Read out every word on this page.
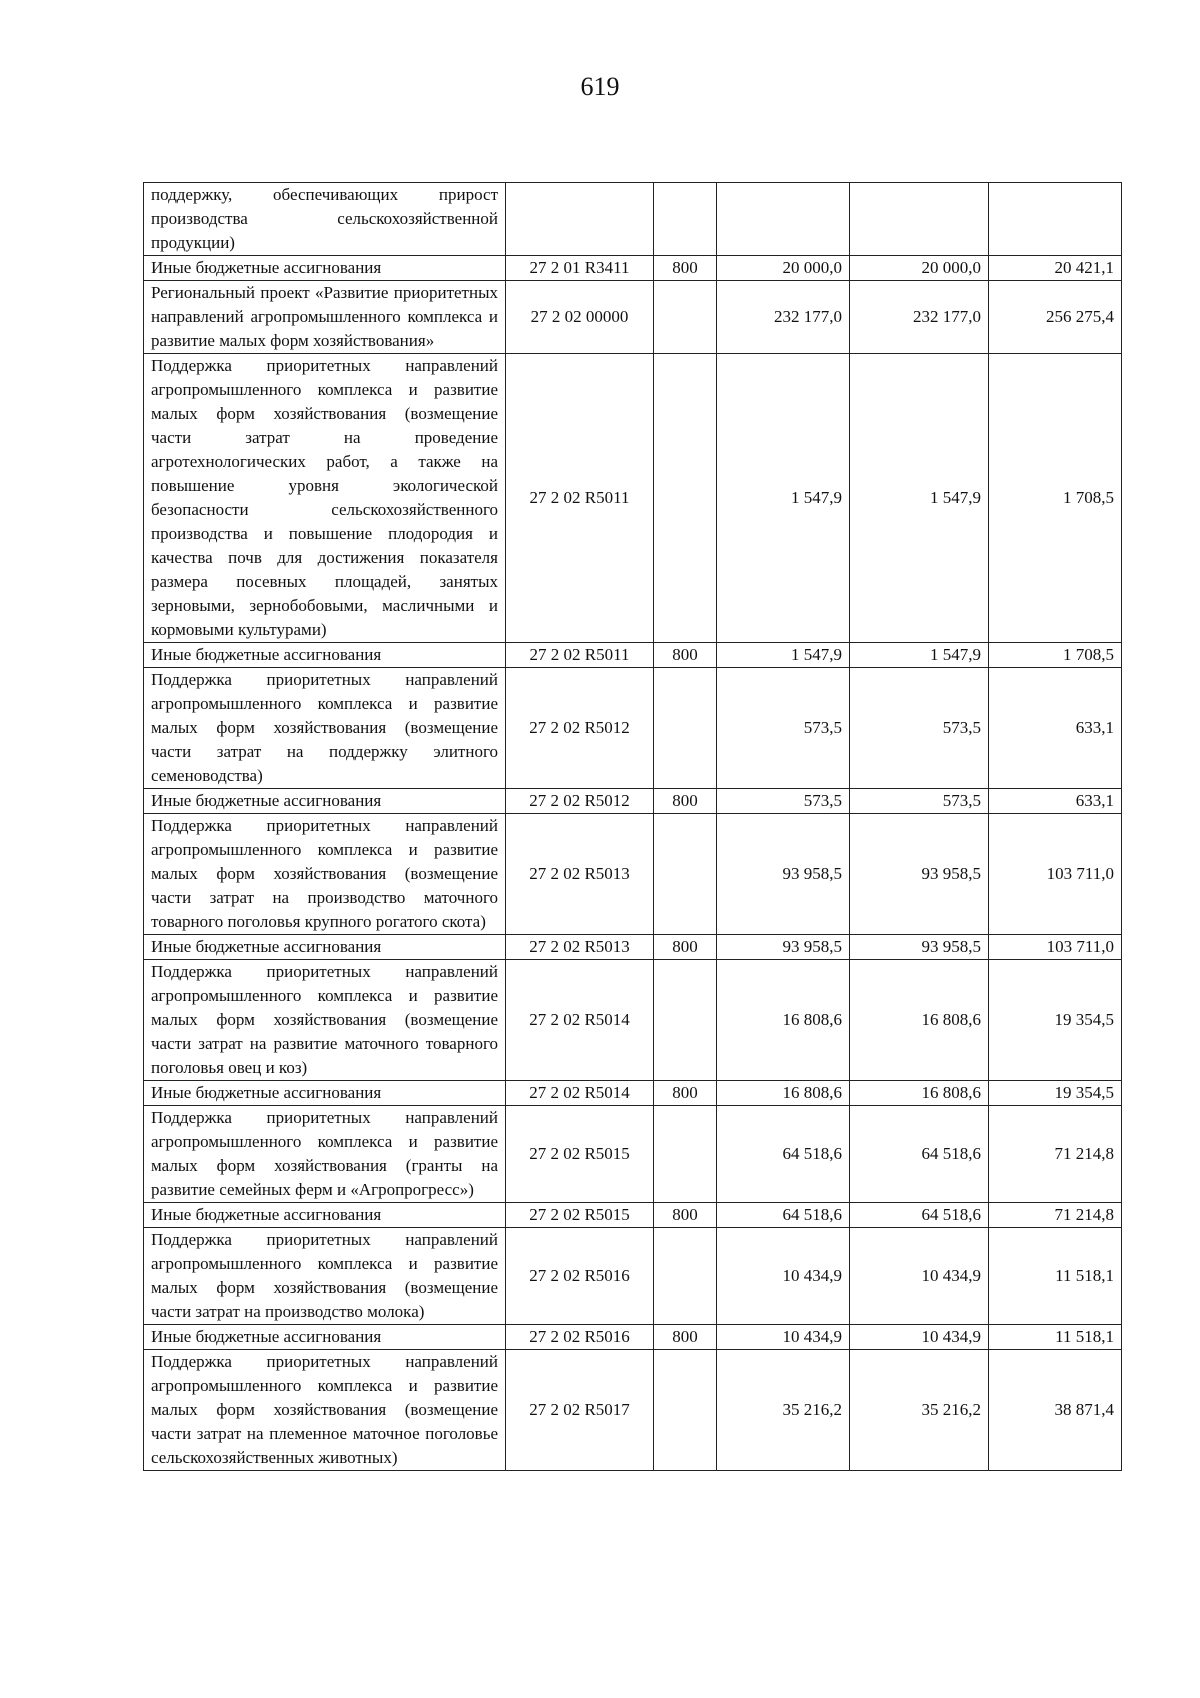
619
поддержку, обеспечивающих прирост производства сельскохозяйственной продукции)					
Иные бюджетные ассигнования	27 2 01 R3411	800	20 000,0	20 000,0	20 421,1
Региональный проект «Развитие приоритетных направлений агропромышленного комплекса и развитие малых форм хозяйствования»	27 2 02 00000		232 177,0	232 177,0	256 275,4
Поддержка приоритетных направлений агропромышленного комплекса и развитие малых форм хозяйствования (возмещение части затрат на проведение агротехнологических работ, а также на повышение уровня экологической безопасности сельскохозяйственного производства и повышение плодородия и качества почв для достижения показателя размера посевных площадей, занятых зерновыми, зернобобовыми, масличными и кормовыми культурами)	27 2 02 R5011		1 547,9	1 547,9	1 708,5
Иные бюджетные ассигнования	27 2 02 R5011	800	1 547,9	1 547,9	1 708,5
Поддержка приоритетных направлений агропромышленного комплекса и развитие малых форм хозяйствования (возмещение части затрат на поддержку элитного семеноводства)	27 2 02 R5012		573,5	573,5	633,1
Иные бюджетные ассигнования	27 2 02 R5012	800	573,5	573,5	633,1
Поддержка приоритетных направлений агропромышленного комплекса и развитие малых форм хозяйствования (возмещение части затрат на производство маточного товарного поголовья крупного рогатого скота)	27 2 02 R5013		93 958,5	93 958,5	103 711,0
Иные бюджетные ассигнования	27 2 02 R5013	800	93 958,5	93 958,5	103 711,0
Поддержка приоритетных направлений агропромышленного комплекса и развитие малых форм хозяйствования (возмещение части затрат на развитие маточного товарного поголовья овец и коз)	27 2 02 R5014		16 808,6	16 808,6	19 354,5
Иные бюджетные ассигнования	27 2 02 R5014	800	16 808,6	16 808,6	19 354,5
Поддержка приоритетных направлений агропромышленного комплекса и развитие малых форм хозяйствования (гранты на развитие семейных ферм и «Агропрогресс»)	27 2 02 R5015		64 518,6	64 518,6	71 214,8
Иные бюджетные ассигнования	27 2 02 R5015	800	64 518,6	64 518,6	71 214,8
Поддержка приоритетных направлений агропромышленного комплекса и развитие малых форм хозяйствования (возмещение части затрат на производство молока)	27 2 02 R5016		10 434,9	10 434,9	11 518,1
Иные бюджетные ассигнования	27 2 02 R5016	800	10 434,9	10 434,9	11 518,1
Поддержка приоритетных направлений агропромышленного комплекса и развитие малых форм хозяйствования (возмещение части затрат на племенное маточное поголовье сельскохозяйственных животных)	27 2 02 R5017		35 216,2	35 216,2	38 871,4
